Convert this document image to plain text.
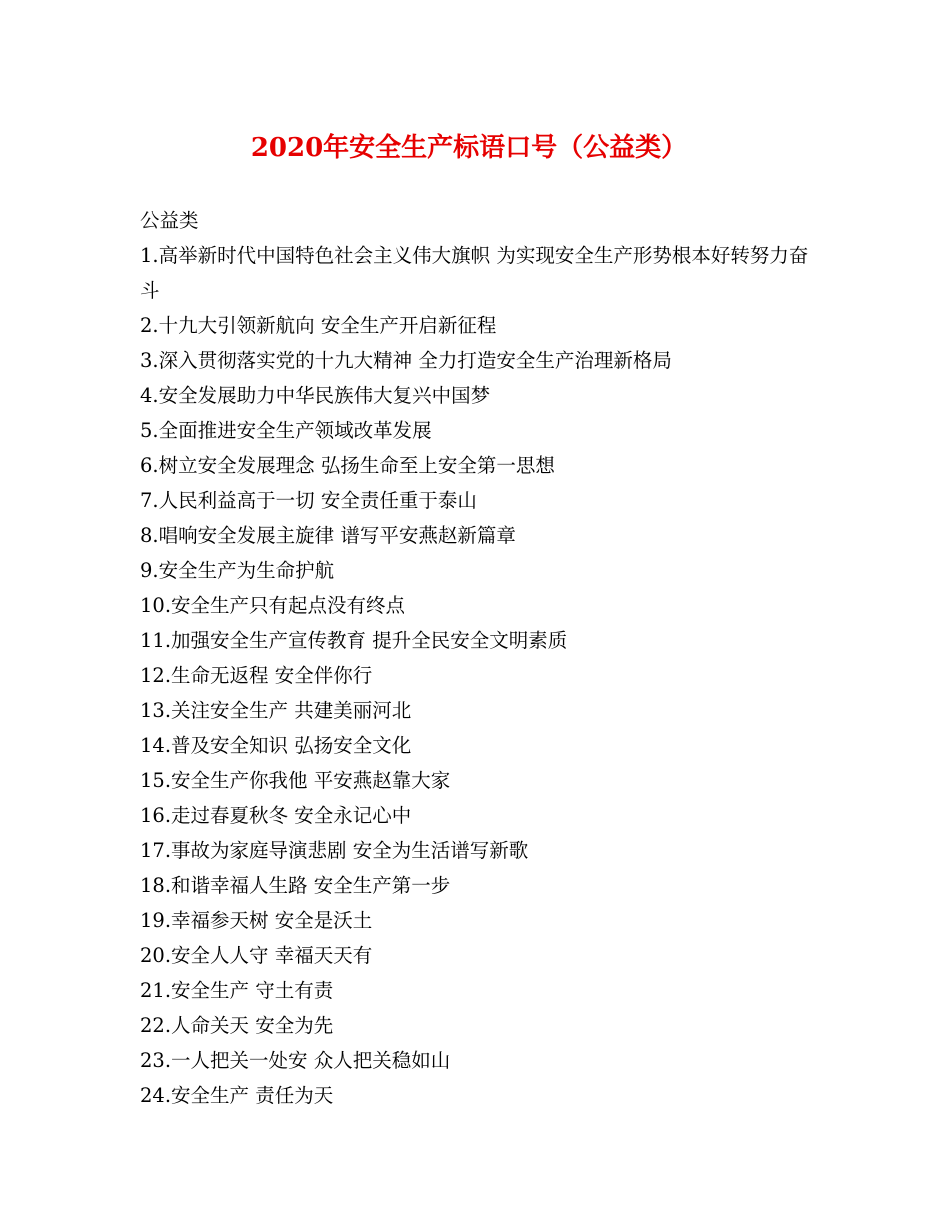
2020年安全生产标语口号（公益类）

公益类

1 . 高举新时代中国特色社会主义伟大旗帜 为实现安全生产形势根本好转努力奋斗
2 . 十九大引领新航向 安全生产开启新征程
3 . 深入贯彻落实党的十九大精神 全力打造安全生产治理新格局
4 . 安全发展助力中华民族伟大复兴中国梦
5 . 全面推进安全生产领域改革发展
6 . 树立安全发展理念 弘扬生命至上安全第一思想
7 . 人民利益高于一切 安全责任重于泰山
8 . 唱响安全发展主旋律 谱写平安燕赵新篇章
9 . 安全生产为生命护航
10 . 安全生产只有起点没有终点
11 . 加强安全生产宣传教育 提升全民安全文明素质
12 . 生命无返程 安全伴你行
13 . 关注安全生产 共建美丽河北
14 . 普及安全知识 弘扬安全文化
15 . 安全生产你我他 平安燕赵靠大家
16 . 走过春夏秋冬 安全永记心中
17 . 事故为家庭导演悲剧 安全为生活谱写新歌
18 . 和谐幸福人生路 安全生产第一步
19 . 幸福参天树 安全是沃土
20 . 安全人人守 幸福天天有
21 . 安全生产 守土有责
22 . 人命关天 安全为先
23 . 一人把关一处安 众人把关稳如山
24 . 安全生产 责任为天
